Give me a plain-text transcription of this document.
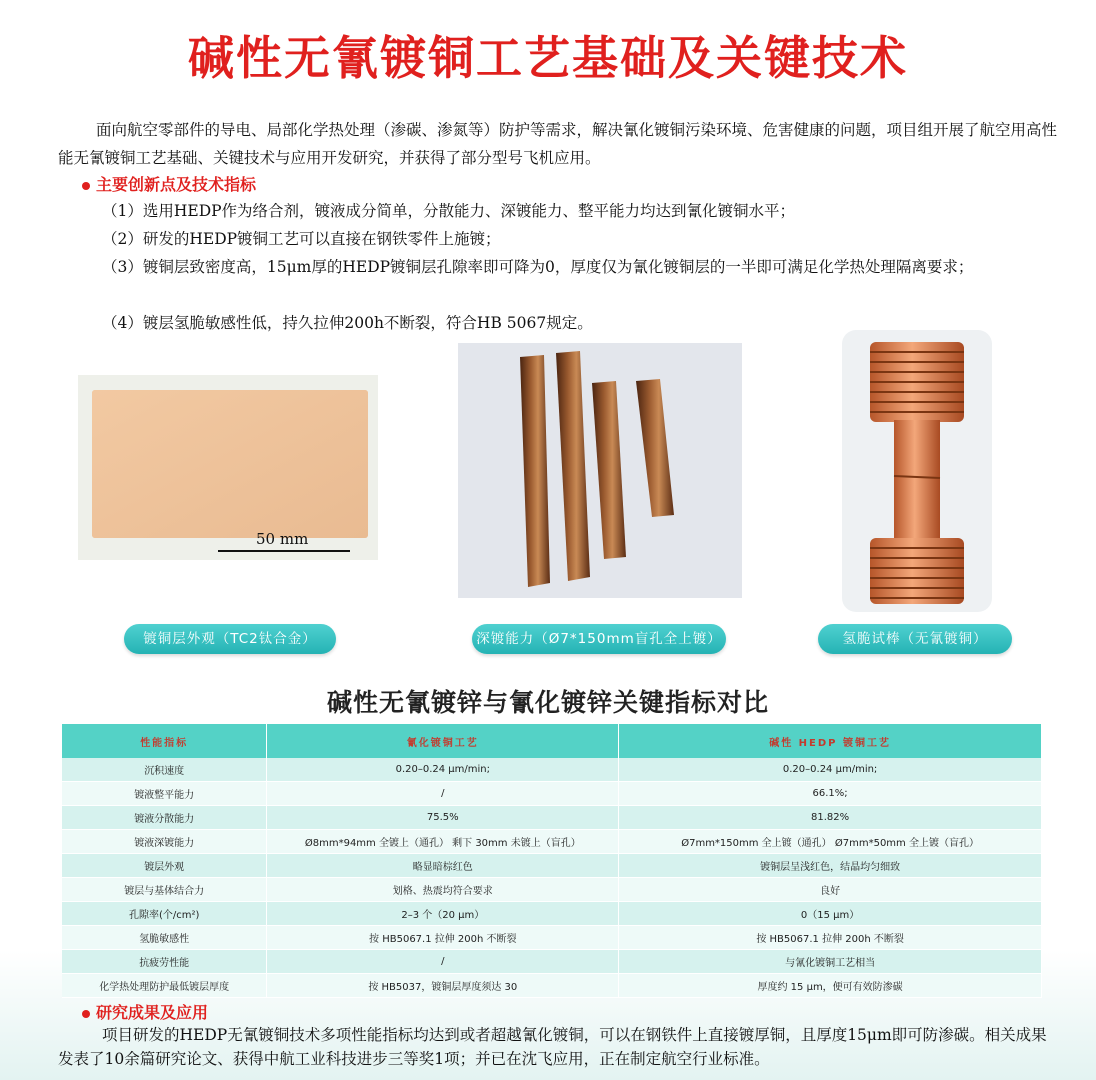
碱性无氰镀铜工艺基础及关键技术
面向航空零部件的导电、局部化学热处理（渗碳、渗氮等）防护等需求，解决氰化镀铜污染环境、危害健康的问题，项目组开展了航空用高性能无氰镀铜工艺基础、关键技术与应用开发研究，并获得了部分型号飞机应用。
主要创新点及技术指标
（1）选用HEDP作为络合剂，镀液成分简单，分散能力、深镀能力、整平能力均达到氰化镀铜水平；
（2）研发的HEDP镀铜工艺可以直接在钢铁零件上施镀；
（3）镀铜层致密度高，15μm厚的HEDP镀铜层孔隙率即可降为0，厚度仅为氰化镀铜层的一半即可满足化学热处理隔离要求；
（4）镀层氢脆敏感性低，持久拉伸200h不断裂，符合HB 5067规定。
50 mm
镀铜层外观（TC2钛合金）	深镀能力（Ø7*150mm盲孔全上镀）	氢脆试棒（无氰镀铜）
碱性无氰镀锌与氰化镀锌关键指标对比
性能指标	氰化镀铜工艺	碱性 HEDP 镀铜工艺
沉积速度	0.20–0.24 μm/min;	0.20–0.24 μm/min;
镀液整平能力	/	66.1%;
镀液分散能力	75.5%	81.82%
镀液深镀能力	Ø8mm*94mm 全镀上（通孔） 剩下 30mm 未镀上（盲孔）	Ø7mm*150mm 全上镀（通孔） Ø7mm*50mm 全上镀（盲孔）
镀层外观	略显暗棕红色	镀铜层呈浅红色，结晶均匀细致
镀层与基体结合力	划格、热震均符合要求	良好
孔隙率(个/cm²)	2–3 个（20 μm）	0（15 μm）
氢脆敏感性	按 HB5067.1 拉伸 200h 不断裂	按 HB5067.1 拉伸 200h 不断裂
抗疲劳性能	/	与氰化镀铜工艺相当
化学热处理防护最低镀层厚度	按 HB5037，镀铜层厚度须达 30	厚度约 15 μm，便可有效防渗碳
研究成果及应用
项目研发的HEDP无氰镀铜技术多项性能指标均达到或者超越氰化镀铜，可以在钢铁件上直接镀厚铜，且厚度15μm即可防渗碳。相关成果发表了10余篇研究论文、获得中航工业科技进步三等奖1项；并已在沈飞应用，正在制定航空行业标准。
